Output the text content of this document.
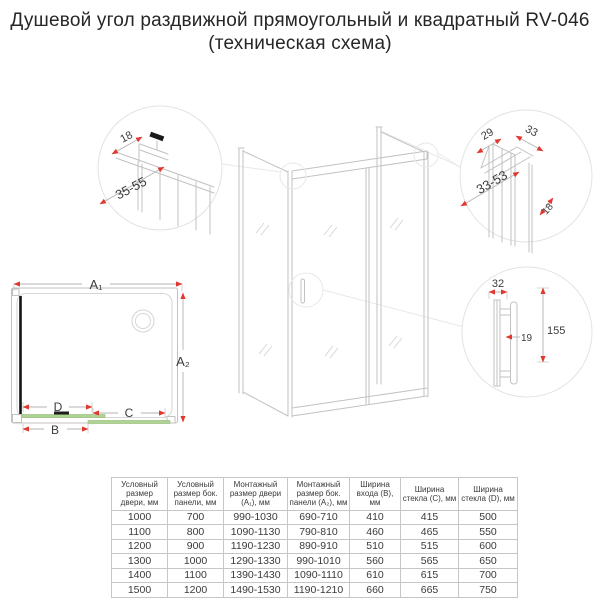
Душевой угол раздвижной прямоугольный и квадратный RV-046
(техническая схема)
18
35-55
29 33
33-53
18
32
19
155
A₁
A₂
D	C
B
Условный размер двери, мм	Условный размер бок. панели, мм	Монтажный размер двери (A₁), мм	Монтажный размер бок. панели (A₂), мм	Ширина входа (B), мм	Ширина стекла (C), мм	Ширина стекла (D), мм
1000	700	990-1030	690-710	410	415	500
1100	800	1090-1130	790-810	460	465	550
1200	900	1190-1230	890-910	510	515	600
1300	1000	1290-1330	990-1010	560	565	650
1400	1100	1390-1430	1090-1110	610	615	700
1500	1200	1490-1530	1190-1210	660	665	750
